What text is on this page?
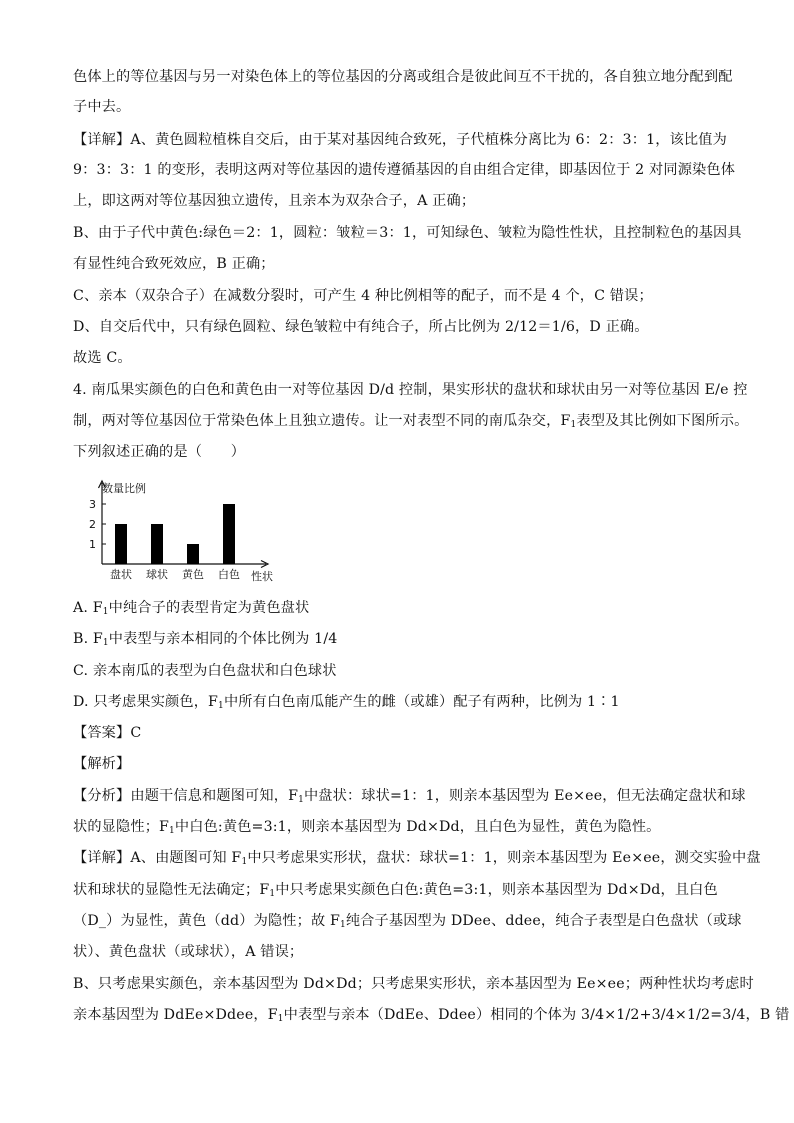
色体上的等位基因与另一对染色体上的等位基因的分离或组合是彼此间互不干扰的，各自独立地分配到配
子中去。
【详解】A、黄色圆粒植株自交后，由于某对基因纯合致死，子代植株分离比为 6：2：3：1，该比值为
9：3：3：1 的变形，表明这两对等位基因的遗传遵循基因的自由组合定律，即基因位于 2 对同源染色体
上，即这两对等位基因独立遗传，且亲本为双杂合子，A 正确；
B、由于子代中黄色:绿色＝2：1，圆粒：皱粒＝3：1，可知绿色、皱粒为隐性性状，且控制粒色的基因具
有显性纯合致死效应，B 正确；
C、亲本（双杂合子）在减数分裂时，可产生 4 种比例相等的配子，而不是 4 个，C 错误；
D、自交后代中，只有绿色圆粒、绿色皱粒中有纯合子，所占比例为 2/12＝1/6，D 正确。
故选 C。
4. 南瓜果实颜色的白色和黄色由一对等位基因 D/d 控制，果实形状的盘状和球状由另一对等位基因 E/e 控
制，两对等位基因位于常染色体上且独立遗传。让一对表型不同的南瓜杂交，$F_1$表型及其比例如下图所示。
下列叙述正确的是（　　）
数量比例
性状
1
2
3
盘状 球状 黄色 白色
A. $F_1$中纯合子的表型肯定为黄色盘状
B. $F_1$中表型与亲本相同的个体比例为 1/4
C. 亲本南瓜的表型为白色盘状和白色球状
D. 只考虑果实颜色，$F_1$中所有白色南瓜能产生的雌（或雄）配子有两种，比例为 1∶1
【答案】C
【解析】
【分析】由题干信息和题图可知，$F_1$中盘状：球状=1：1，则亲本基因型为 Ee×ee，但无法确定盘状和球
状的显隐性；$F_1$中白色:黄色=3:1，则亲本基因型为 Dd×Dd，且白色为显性，黄色为隐性。
【详解】A、由题图可知 $F_1$中只考虑果实形状，盘状：球状=1：1，则亲本基因型为 Ee×ee，测交实验中盘
状和球状的显隐性无法确定；$F_1$中只考虑果实颜色白色:黄色=3:1，则亲本基因型为 Dd×Dd，且白色
（D_）为显性，黄色（dd）为隐性；故 $F_1$纯合子基因型为 DDee、ddee，纯合子表型是白色盘状（或球
状）、黄色盘状（或球状），A 错误；
B、只考虑果实颜色，亲本基因型为 Dd×Dd；只考虑果实形状，亲本基因型为 Ee×ee；两种性状均考虑时
亲本基因型为 DdEe×Ddee，$F_1$中表型与亲本（DdEe、Ddee）相同的个体为 3/4×1/2+3/4×1/2=3/4，B 错
